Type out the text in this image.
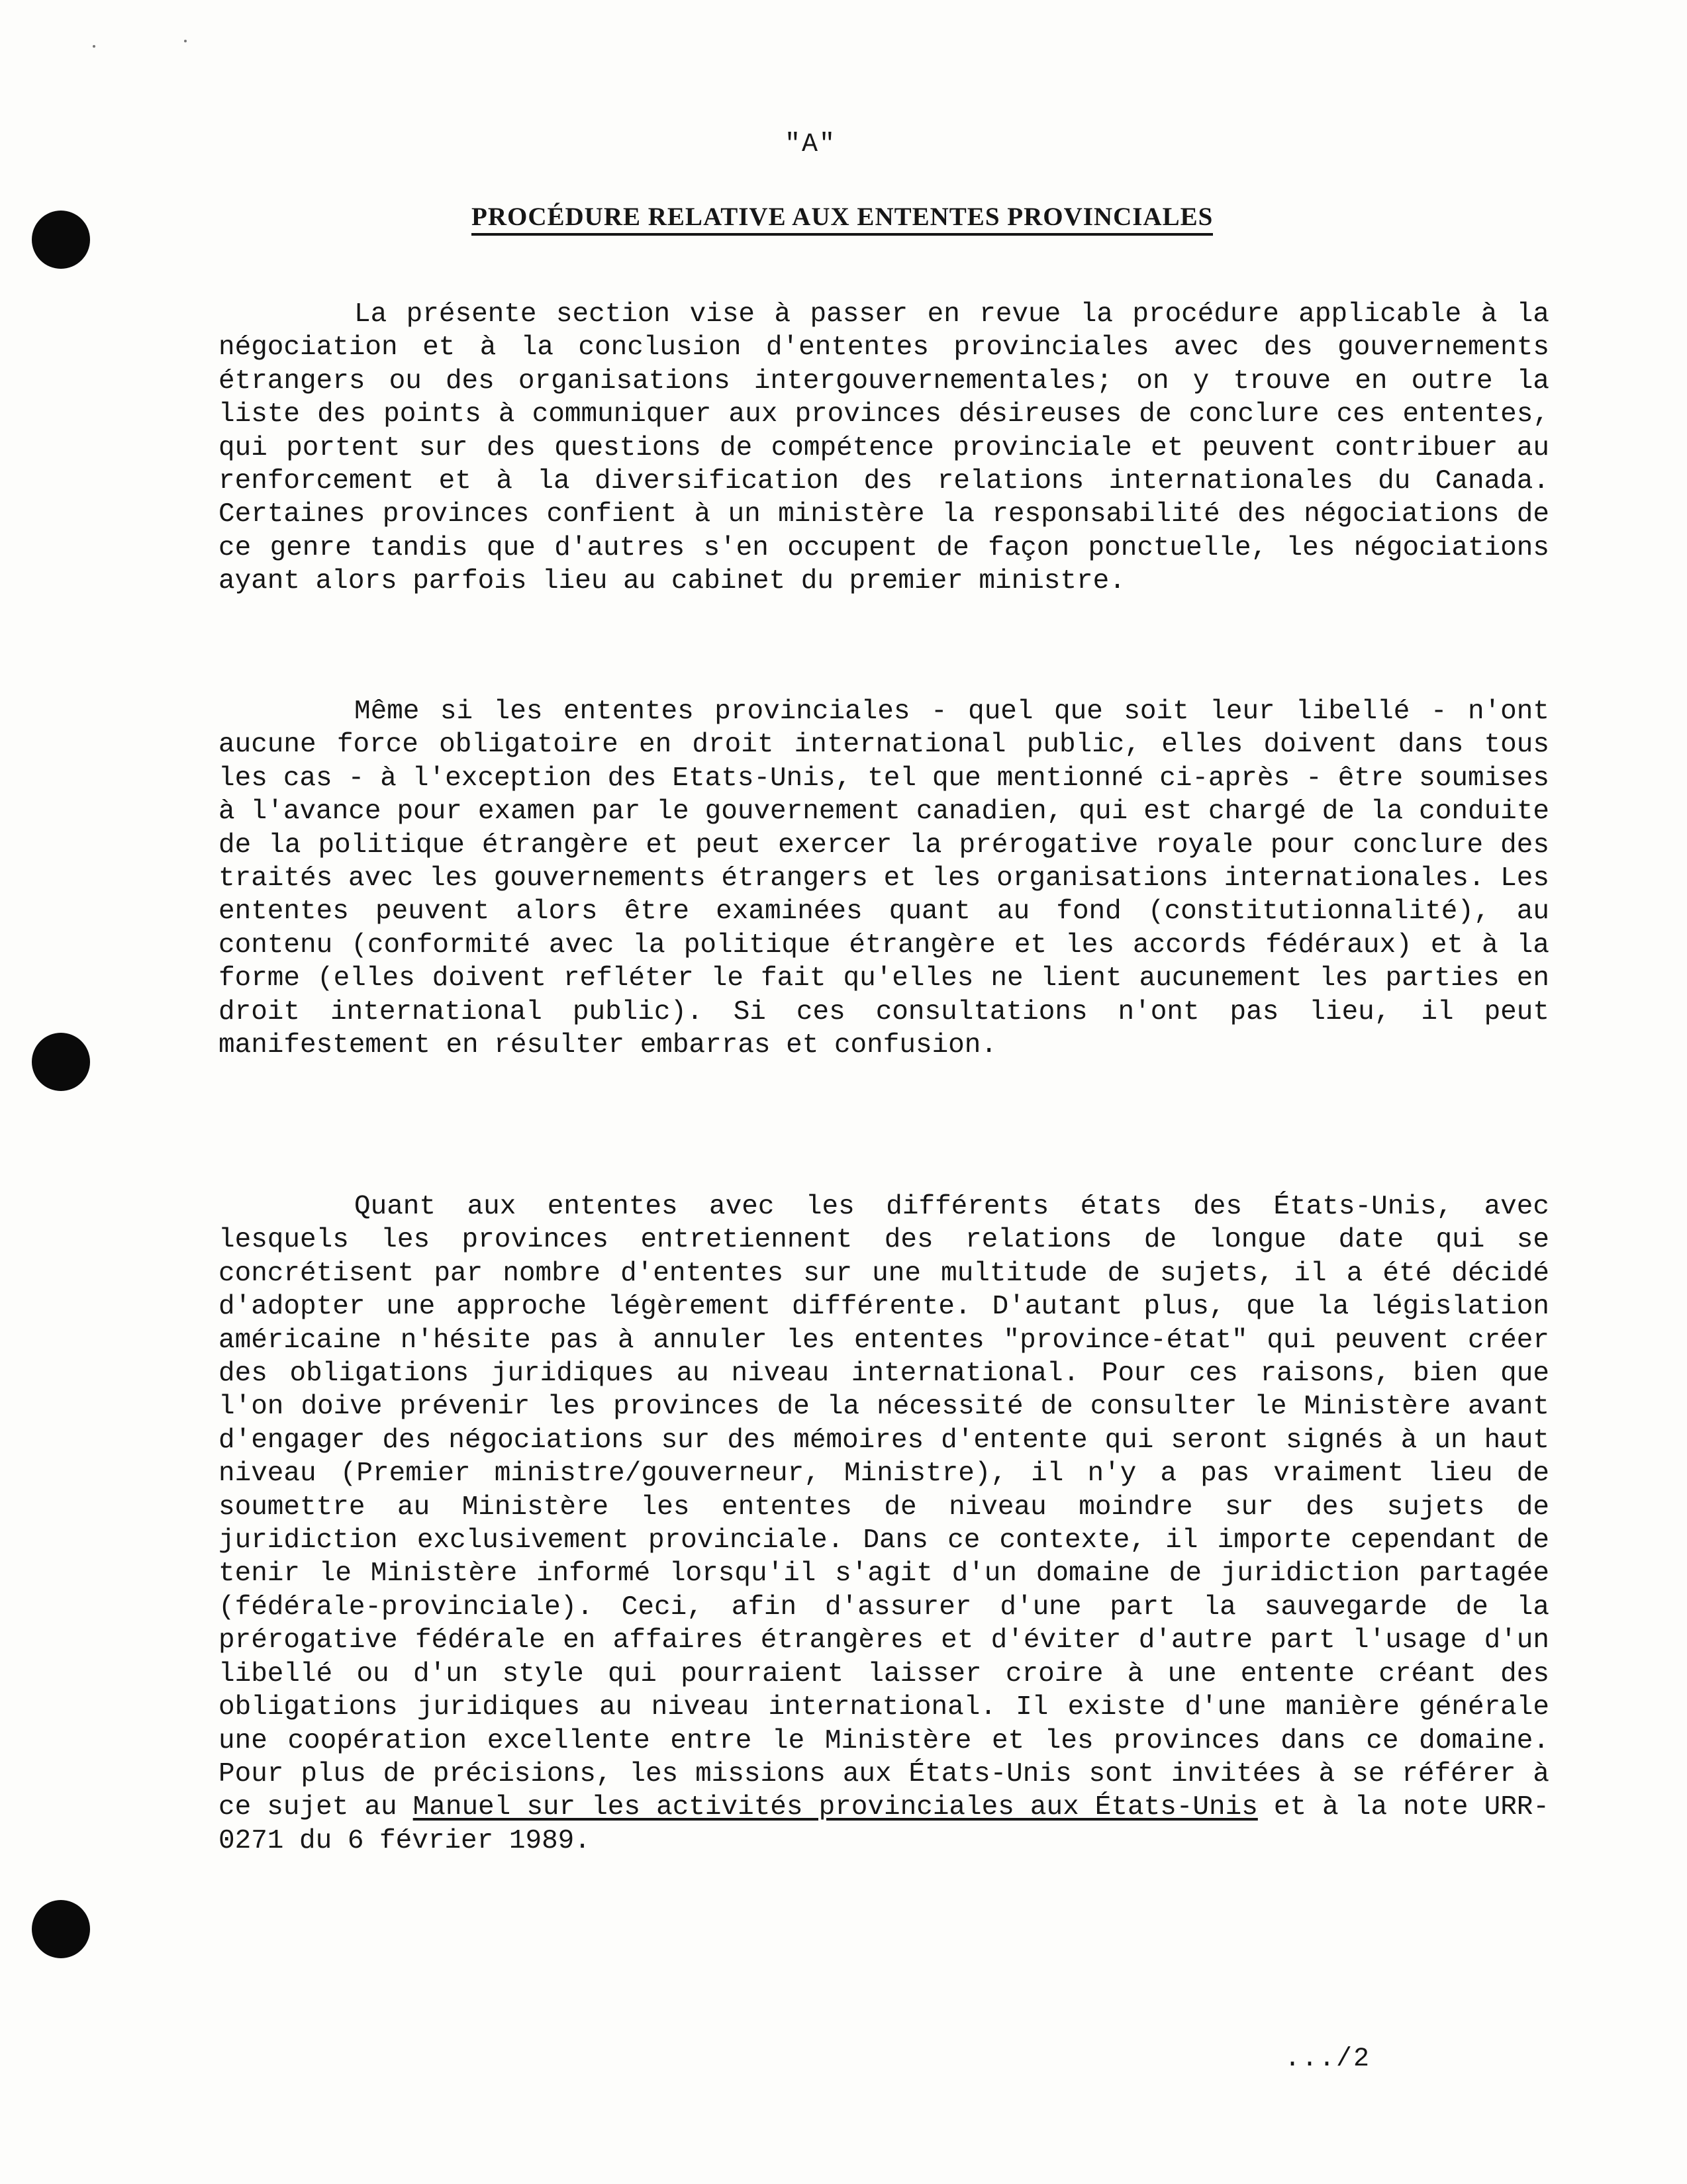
"A"
PROCÉDURE RELATIVE AUX ENTENTES PROVINCIALES
La présente section vise à passer en revue la procédure applicable à la négociation et à la conclusion d'ententes provinciales avec des gouvernements étrangers ou des organisations intergouvernementales; on y trouve en outre la liste des points à communiquer aux provinces désireuses de conclure ces ententes, qui portent sur des questions de compétence provinciale et peuvent contribuer au renforcement et à la diversification des relations internationales du Canada. Certaines provinces confient à un ministère la responsabilité des négociations de ce genre tandis que d'autres s'en occupent de façon ponctuelle, les négociations ayant alors parfois lieu au cabinet du premier ministre.
Même si les ententes provinciales - quel que soit leur libellé - n'ont aucune force obligatoire en droit international public, elles doivent dans tous les cas - à l'exception des Etats-Unis, tel que mentionné ci-après - être soumises à l'avance pour examen par le gouvernement canadien, qui est chargé de la conduite de la politique étrangère et peut exercer la prérogative royale pour conclure des traités avec les gouvernements étrangers et les organisations internationales. Les ententes peuvent alors être examinées quant au fond (constitutionnalité), au contenu (conformité avec la politique étrangère et les accords fédéraux) et à la forme (elles doivent refléter le fait qu'elles ne lient aucunement les parties en droit international public). Si ces consultations n'ont pas lieu, il peut manifestement en résulter embarras et confusion.
Quant aux ententes avec les différents états des États-Unis, avec lesquels les provinces entretiennent des relations de longue date qui se concrétisent par nombre d'ententes sur une multitude de sujets, il a été décidé d'adopter une approche légèrement différente. D'autant plus, que la législation américaine n'hésite pas à annuler les ententes "province-état" qui peuvent créer des obligations juridiques au niveau international. Pour ces raisons, bien que l'on doive prévenir les provinces de la nécessité de consulter le Ministère avant d'engager des négociations sur des mémoires d'entente qui seront signés à un haut niveau (Premier ministre/gouverneur, Ministre), il n'y a pas vraiment lieu de soumettre au Ministère les ententes de niveau moindre sur des sujets de juridiction exclusivement provinciale. Dans ce contexte, il importe cependant de tenir le Ministère informé lorsqu'il s'agit d'un domaine de juridiction partagée (fédérale-provinciale). Ceci, afin d'assurer d'une part la sauvegarde de la prérogative fédérale en affaires étrangères et d'éviter d'autre part l'usage d'un libellé ou d'un style qui pourraient laisser croire à une entente créant des obligations juridiques au niveau international. Il existe d'une manière générale une coopération excellente entre le Ministère et les provinces dans ce domaine. Pour plus de précisions, les missions aux États-Unis sont invitées à se référer à ce sujet au Manuel sur les activités provinciales aux États-Unis et à la note URR-0271 du 6 février 1989.
.../2
